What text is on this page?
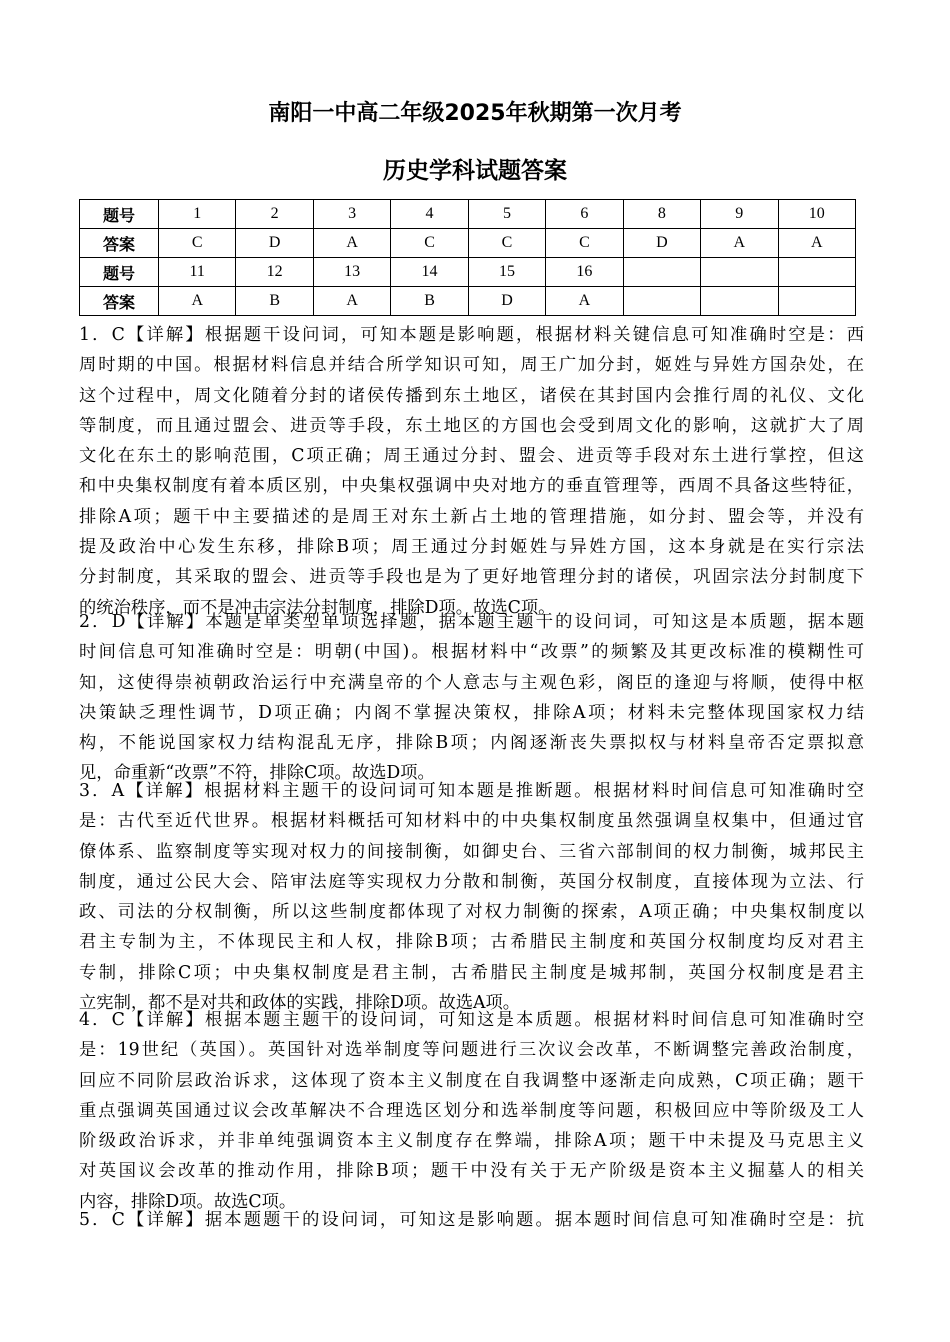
南阳一中高二年级2025年秋期第一次月考
历史学科试题答案
题号	1	2	3	4	5	6	8	9	10
答案	C	D	A	C	C	C	D	A	A
题号	11	12	13	14	15	16			
答案	A	B	A	B	D	A			
1．C【详解】根据题干设问词，可知本题是影响题，根据材料关键信息可知准确时空是：西
周时期的中国。根据材料信息并结合所学知识可知，周王广加分封，姬姓与异姓方国杂处，在
这个过程中，周文化随着分封的诸侯传播到东土地区，诸侯在其封国内会推行周的礼仪、文化
等制度，而且通过盟会、进贡等手段，东土地区的方国也会受到周文化的影响，这就扩大了周
文化在东土的影响范围，C项正确；周王通过分封、盟会、进贡等手段对东土进行掌控，但这
和中央集权制度有着本质区别，中央集权强调中央对地方的垂直管理等，西周不具备这些特征，
排除A项；题干中主要描述的是周王对东土新占土地的管理措施，如分封、盟会等，并没有
提及政治中心发生东移，排除B项；周王通过分封姬姓与异姓方国，这本身就是在实行宗法
分封制度，其采取的盟会、进贡等手段也是为了更好地管理分封的诸侯，巩固宗法分封制度下
的统治秩序，而不是冲击宗法分封制度，排除D项。故选C项。
2．D【详解】本题是单类型单项选择题，据本题主题干的设问词，可知这是本质题，据本题
时间信息可知准确时空是：明朝(中国)。根据材料中“改票”的频繁及其更改标准的模糊性可
知，这使得崇祯朝政治运行中充满皇帝的个人意志与主观色彩，阁臣的逢迎与将顺，使得中枢
决策缺乏理性调节，D项正确；内阁不掌握决策权，排除A项；材料未完整体现国家权力结
构，不能说国家权力结构混乱无序，排除B项；内阁逐渐丧失票拟权与材料皇帝否定票拟意
见，命重新“改票”不符，排除C项。故选D项。
3．A【详解】根据材料主题干的设问词可知本题是推断题。根据材料时间信息可知准确时空
是：古代至近代世界。根据材料概括可知材料中的中央集权制度虽然强调皇权集中，但通过官
僚体系、监察制度等实现对权力的间接制衡，如御史台、三省六部制间的权力制衡，城邦民主
制度，通过公民大会、陪审法庭等实现权力分散和制衡，英国分权制度，直接体现为立法、行
政、司法的分权制衡，所以这些制度都体现了对权力制衡的探索，A项正确；中央集权制度以
君主专制为主，不体现民主和人权，排除B项；古希腊民主制度和英国分权制度均反对君主
专制，排除C项；中央集权制度是君主制，古希腊民主制度是城邦制，英国分权制度是君主
立宪制，都不是对共和政体的实践，排除D项。故选A项。
4．C【详解】根据本题主题干的设问词，可知这是本质题。根据材料时间信息可知准确时空
是：19世纪（英国）。英国针对选举制度等问题进行三次议会改革，不断调整完善政治制度，
回应不同阶层政治诉求，这体现了资本主义制度在自我调整中逐渐走向成熟，C项正确；题干
重点强调英国通过议会改革解决不合理选区划分和选举制度等问题，积极回应中等阶级及工人
阶级政治诉求，并非单纯强调资本主义制度存在弊端，排除A项；题干中未提及马克思主义
对英国议会改革的推动作用，排除B项；题干中没有关于无产阶级是资本主义掘墓人的相关
内容，排除D项。故选C项。
5．C【详解】据本题题干的设问词，可知这是影响题。据本题时间信息可知准确时空是：抗
